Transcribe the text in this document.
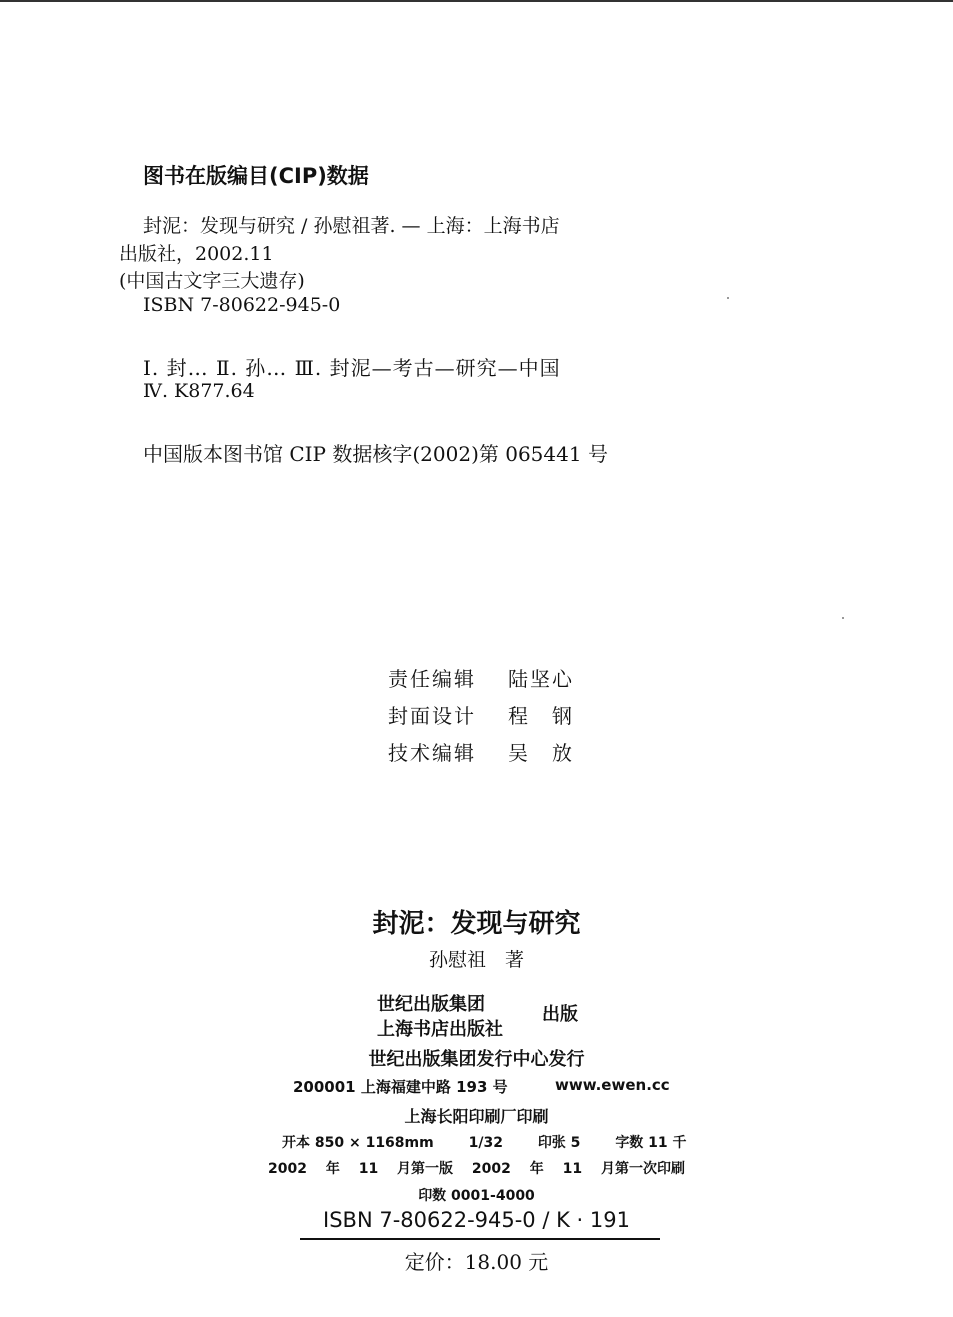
图书在版编目(CIP)数据
封泥：发现与研究 / 孙慰祖著. — 上海：上海书店
出版社，2002.11
(中国古文字三大遗存)
ISBN 7-80622-945-0
Ⅰ. 封… Ⅱ. 孙… Ⅲ. 封泥—考古—研究—中国
Ⅳ. K877.64
中国版本图书馆 CIP 数据核字(2002)第 065441 号
责任编辑 陆坚心
封面设计 程　钢
技术编辑 吴　放
封泥：发现与研究
孙慰祖　著
世纪出版集团
上海书店出版社
出版
世纪出版集团发行中心发行
200001 上海福建中路 193 号	www.ewen.cc
上海长阳印刷厂印刷
开本 850 × 1168mm 1/32 印张 5 字数 11 千
2002 年 11 月第一版 2002 年 11 月第一次印刷
印数 0001-4000
ISBN 7-80622-945-0 / K · 191
定价：18.00 元
